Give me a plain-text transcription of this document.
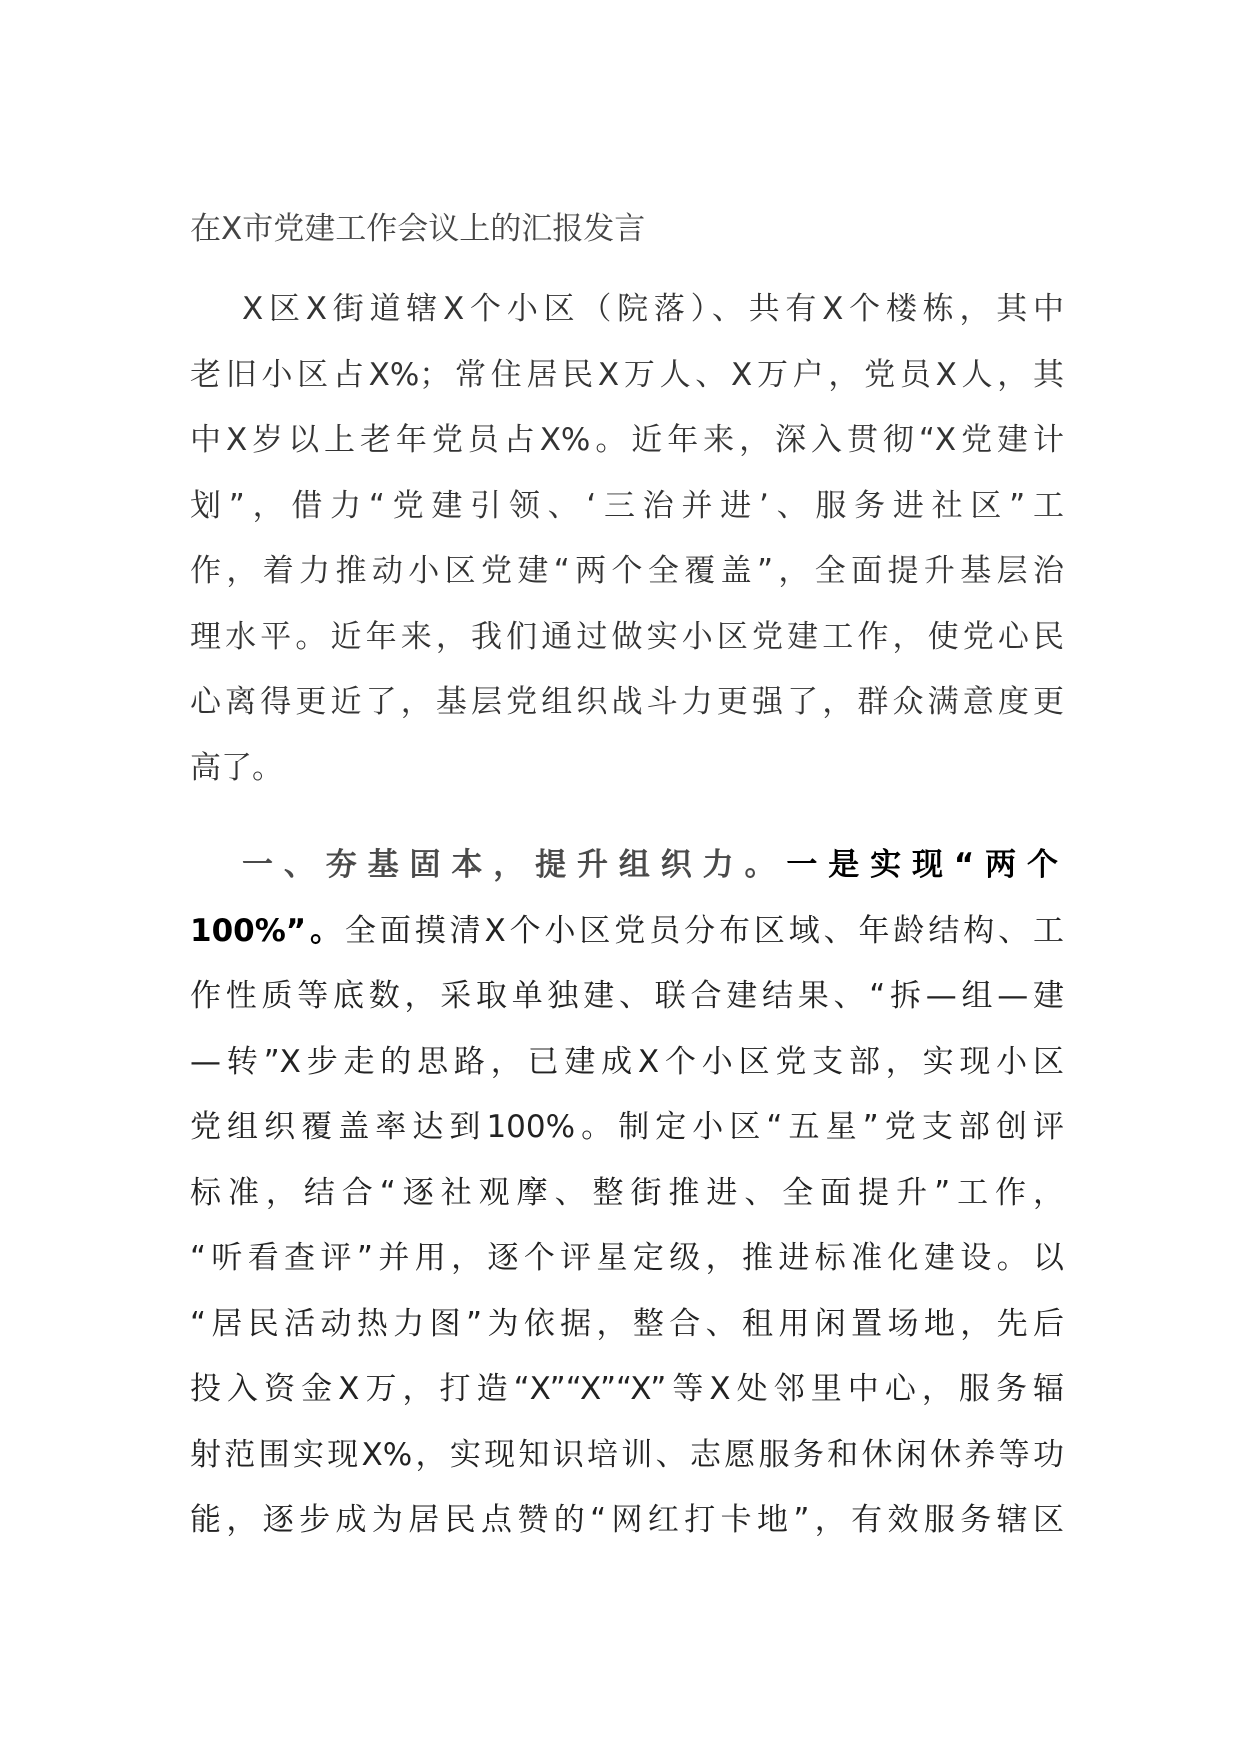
在X市党建工作会议上的汇报发言
X区X街道辖X个小区（院落）、共有X个楼栋，其中
老旧小区占X%；常住居民X万人、X万户，党员X人，其
中X岁以上老年党员占X%。近年来，深入贯彻“X党建计
划”，借力“党建引领、‘三治并进’、服务进社区”工
作，着力推动小区党建“两个全覆盖”，全面提升基层治
理水平。近年来，我们通过做实小区党建工作，使党心民
心离得更近了，基层党组织战斗力更强了，群众满意度更
高了。
一、夯基固本，提升组织力。一是实现“两个
100%”。全面摸清X个小区党员分布区域、年龄结构、工
作性质等底数，采取单独建、联合建结果、“拆—组—建
—转”X步走的思路，已建成X个小区党支部，实现小区
党组织覆盖率达到100%。制定小区“五星”党支部创评
标准，结合“逐社观摩、整街推进、全面提升”工作，
“听看查评”并用，逐个评星定级，推进标准化建设。以
“居民活动热力图”为依据，整合、租用闲置场地，先后
投入资金X万，打造“X”“X”“X”等X处邻里中心，服务辐
射范围实现X%，实现知识培训、志愿服务和休闲休养等功
能，逐步成为居民点赞的“网红打卡地”，有效服务辖区
